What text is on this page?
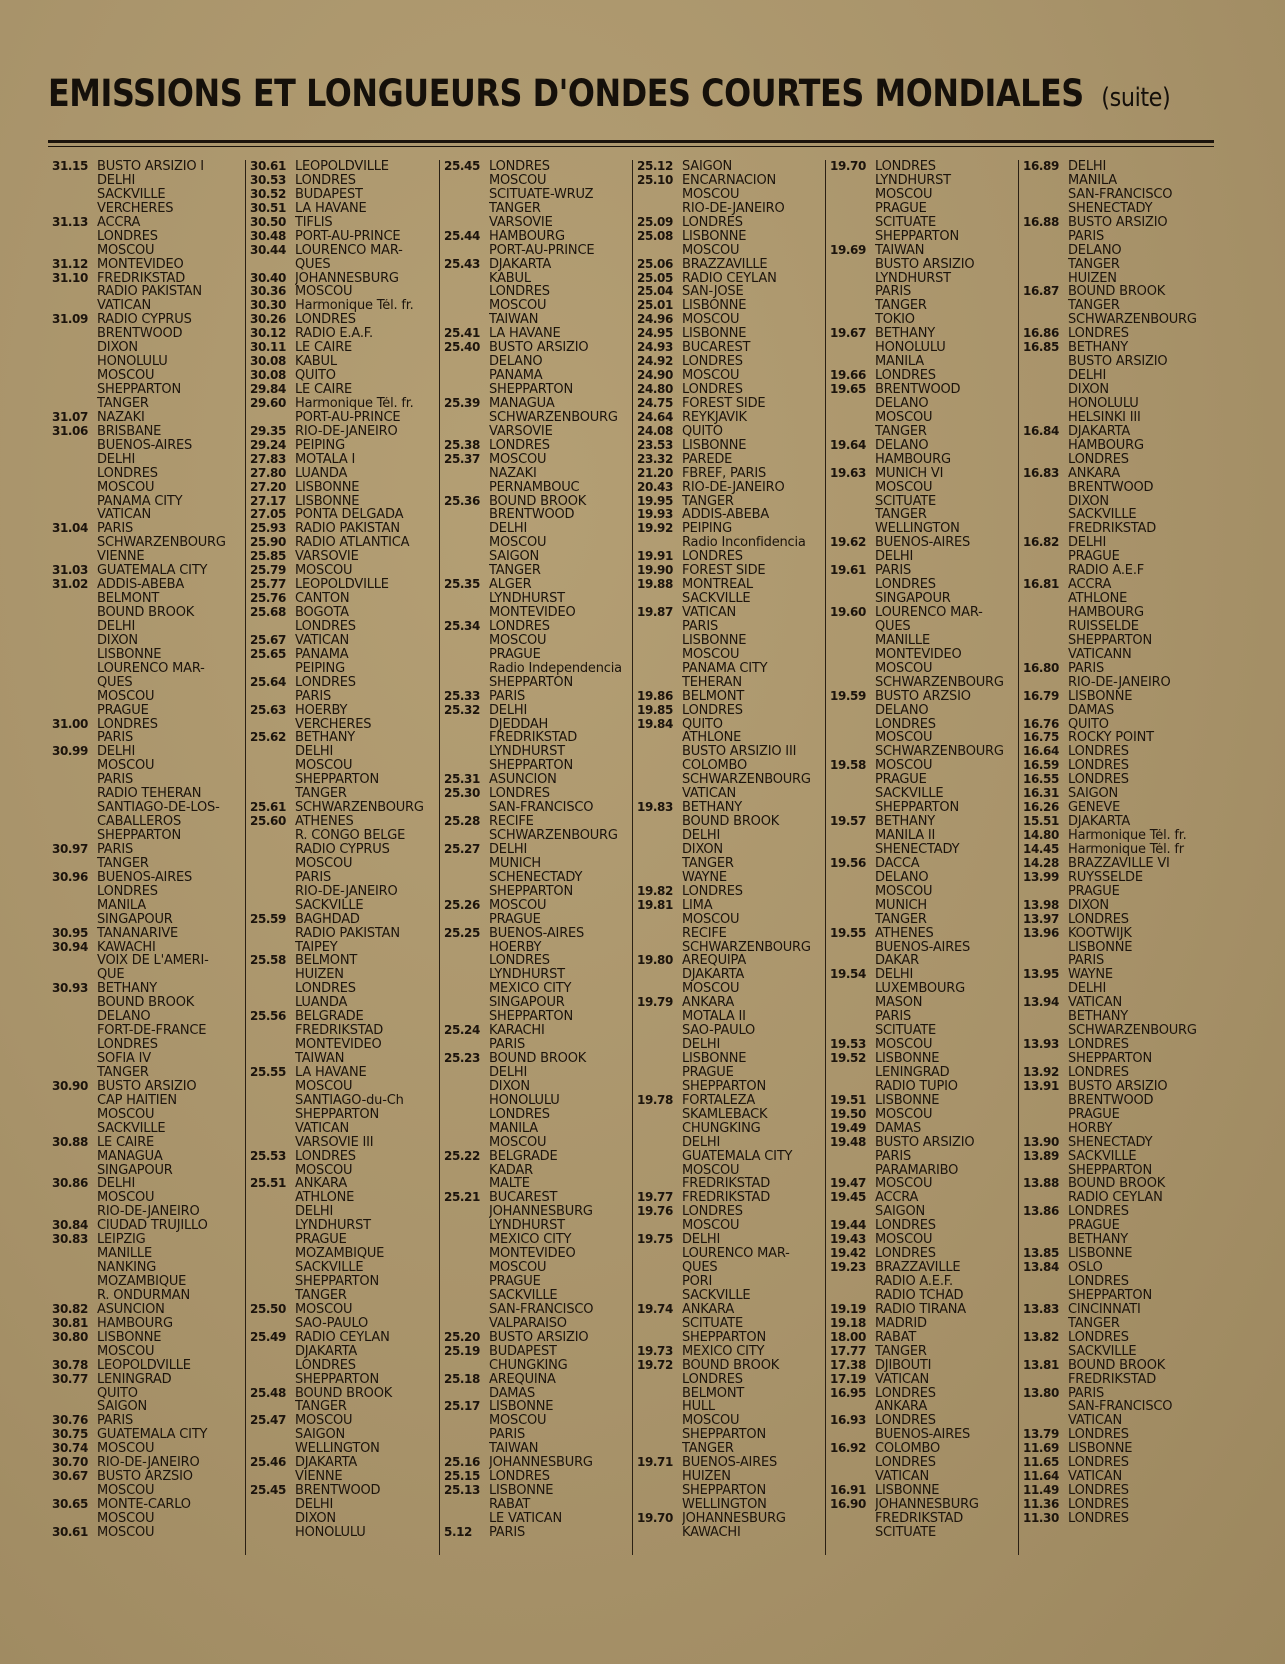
EMISSIONS ET LONGUEURS D'ONDES COURTES MONDIALES (suite)
31.15 BUSTO ARSIZIO I
DELHI
SACKVILLE
VERCHERES
31.13 ACCRA
LONDRES
MOSCOU
31.12 MONTEVIDEO
31.10 FREDRIKSTAD
RADIO PAKISTAN
VATICAN
31.09 RADIO CYPRUS
BRENTWOOD
DIXON
HONOLULU
MOSCOU
SHEPPARTON
TANGER
31.07 NAZAKI
31.06 BRISBANE
BUENOS-AIRES
DELHI
LONDRES
MOSCOU
PANAMA CITY
VATICAN
31.04 PARIS
SCHWARZENBOURG
VIENNE
31.03 GUATEMALA CITY
31.02 ADDIS-ABEBA
BELMONT
BOUND BROOK
DELHI
DIXON
LISBONNE
LOURENCO MAR-
QUES
MOSCOU
PRAGUE
31.00 LONDRES
PARIS
30.99 DELHI
MOSCOU
PARIS
RADIO TEHERAN
SANTIAGO-DE-LOS-
CABALLEROS
SHEPPARTON
30.97 PARIS
TANGER
30.96 BUENOS-AIRES
LONDRES
MANILA
SINGAPOUR
30.95 TANANARIVE
30.94 KAWACHI
VOIX DE L'AMERI-
QUE
30.93 BETHANY
BOUND BROOK
DELANO
FORT-DE-FRANCE
LONDRES
SOFIA IV
TANGER
30.90 BUSTO ARSIZIO
CAP HAITIEN
MOSCOU
SACKVILLE
30.88 LE CAIRE
MANAGUA
SINGAPOUR
30.86 DELHI
MOSCOU
RIO-DE-JANEIRO
30.84 CIUDAD TRUJILLO
30.83 LEIPZIG
MANILLE
NANKING
MOZAMBIQUE
R. ONDURMAN
30.82 ASUNCION
30.81 HAMBOURG
30.80 LISBONNE
MOSCOU
30.78 LEOPOLDVILLE
30.77 LENINGRAD
QUITO
SAIGON
30.76 PARIS
30.75 GUATEMALA CITY
30.74 MOSCOU
30.70 RIO-DE-JANEIRO
30.67 BUSTO ARZSIO
MOSCOU
30.65 MONTE-CARLO
MOSCOU
30.61 MOSCOU
30.61 LEOPOLDVILLE
30.53 LONDRES
30.52 BUDAPEST
30.51 LA HAVANE
30.50 TIFLIS
30.48 PORT-AU-PRINCE
30.44 LOURENCO MAR-
QUES
30.40 JOHANNESBURG
30.36 MOSCOU
30.30 Harmonique Tél. fr.
30.26 LONDRES
30.12 RADIO E.A.F.
30.11 LE CAIRE
30.08 KABUL
30.08 QUITO
29.84 LE CAIRE
29.60 Harmonique Tél. fr.
PORT-AU-PRINCE
29.35 RIO-DE-JANEIRO
29.24 PEIPING
27.83 MOTALA I
27.80 LUANDA
27.20 LISBONNE
27.17 LISBONNE
27.05 PONTA DELGADA
25.93 RADIO PAKISTAN
25.90 RADIO ATLANTICA
25.85 VARSOVIE
25.79 MOSCOU
25.77 LEOPOLDVILLE
25.76 CANTON
25.68 BOGOTA
LONDRES
25.67 VATICAN
25.65 PANAMA
PEIPING
25.64 LONDRES
PARIS
25.63 HOERBY
VERCHERES
25.62 BETHANY
DELHI
MOSCOU
SHEPPARTON
TANGER
25.61 SCHWARZENBOURG
25.60 ATHENES
R. CONGO BELGE
RADIO CYPRUS
MOSCOU
PARIS
RIO-DE-JANEIRO
SACKVILLE
25.59 BAGHDAD
RADIO PAKISTAN
TAIPEY
25.58 BELMONT
HUIZEN
LONDRES
LUANDA
25.56 BELGRADE
FREDRIKSTAD
MONTEVIDEO
TAIWAN
25.55 LA HAVANE
MOSCOU
SANTIAGO-du-Ch
SHEPPARTON
VATICAN
VARSOVIE III
25.53 LONDRES
MOSCOU
25.51 ANKARA
ATHLONE
DELHI
LYNDHURST
PRAGUE
MOZAMBIQUE
SACKVILLE
SHEPPARTON
TANGER
25.50 MOSCOU
SAO-PAULO
25.49 RADIO CEYLAN
DJAKARTA
LONDRES
SHEPPARTON
25.48 BOUND BROOK
TANGER
25.47 MOSCOU
SAIGON
WELLINGTON
25.46 DJAKARTA
VIENNE
25.45 BRENTWOOD
DELHI
DIXON
HONOLULU
25.45 LONDRES
MOSCOU
SCITUATE-WRUZ
TANGER
VARSOVIE
25.44 HAMBOURG
PORT-AU-PRINCE
25.43 DJAKARTA
KABUL
LONDRES
MOSCOU
TAIWAN
25.41 LA HAVANE
25.40 BUSTO ARSIZIO
DELANO
PANAMA
SHEPPARTON
25.39 MANAGUA
SCHWARZENBOURG
VARSOVIE
25.38 LONDRES
25.37 MOSCOU
NAZAKI
PERNAMBOUC
25.36 BOUND BROOK
BRENTWOOD
DELHI
MOSCOU
SAIGON
TANGER
25.35 ALGER
LYNDHURST
MONTEVIDEO
25.34 LONDRES
MOSCOU
PRAGUE
Radio Independencia
SHEPPARTON
25.33 PARIS
25.32 DELHI
DJEDDAH
FREDRIKSTAD
LYNDHURST
SHEPPARTON
25.31 ASUNCION
25.30 LONDRES
SAN-FRANCISCO
25.28 RECIFE
SCHWARZENBOURG
25.27 DELHI
MUNICH
SCHENECTADY
SHEPPARTON
25.26 MOSCOU
PRAGUE
25.25 BUENOS-AIRES
HOERBY
LONDRES
LYNDHURST
MEXICO CITY
SINGAPOUR
SHEPPARTON
25.24 KARACHI
PARIS
25.23 BOUND BROOK
DELHI
DIXON
HONOLULU
LONDRES
MANILA
MOSCOU
25.22 BELGRADE
KADAR
MALTE
25.21 BUCAREST
JOHANNESBURG
LYNDHURST
MEXICO CITY
MONTEVIDEO
MOSCOU
PRAGUE
SACKVILLE
SAN-FRANCISCO
VALPARAISO
25.20 BUSTO ARSIZIO
25.19 BUDAPEST
CHUNGKING
25.18 AREQUINA
DAMAS
25.17 LISBONNE
MOSCOU
PARIS
TAIWAN
25.16 JOHANNESBURG
25.15 LONDRES
25.13 LISBONNE
RABAT
LE VATICAN
5.12	PARIS
25.12 SAIGON
25.10 ENCARNACION
MOSCOU
RIO-DE-JANEIRO
25.09 LONDRES
25.08 LISBONNE
MOSCOU
25.06 BRAZZAVILLE
25.05 RADIO CEYLAN
25.04 SAN-JOSE
25.01 LISBONNE
24.96 MOSCOU
24.95 LISBONNE
24.93 BUCAREST
24.92 LONDRES
24.90 MOSCOU
24.80 LONDRES
24.75 FOREST SIDE
24.64 REYKJAVIK
24.08 QUITO
23.53 LISBONNE
23.32 PAREDE
21.20 FBREF, PARIS
20.43 RIO-DE-JANEIRO
19.95 TANGER
19.93 ADDIS-ABEBA
19.92 PEIPING
Radio Inconfidencia
19.91 LONDRES
19.90 FOREST SIDE
19.88 MONTREAL
SACKVILLE
19.87 VATICAN
PARIS
LISBONNE
MOSCOU
PANAMA CITY
TEHERAN
19.86 BELMONT
19.85 LONDRES
19.84 QUITO
ATHLONE
BUSTO ARSIZIO III
COLOMBO
SCHWARZENBOURG
VATICAN
19.83 BETHANY
BOUND BROOK
DELHI
DIXON
TANGER
WAYNE
19.82 LONDRES
19.81 LIMA
MOSCOU
RECIFE
SCHWARZENBOURG
19.80 AREQUIPA
DJAKARTA
MOSCOU
19.79 ANKARA
MOTALA II
SAO-PAULO
DELHI
LISBONNE
PRAGUE
SHEPPARTON
19.78 FORTALEZA
SKAMLEBACK
CHUNGKING
DELHI
GUATEMALA CITY
MOSCOU
FREDRIKSTAD
19.77 FREDRIKSTAD
19.76 LONDRES
MOSCOU
19.75 DELHI
LOURENCO MAR-
QUES
PORI
SACKVILLE
19.74 ANKARA
SCITUATE
SHEPPARTON
19.73 MEXICO CITY
19.72 BOUND BROOK
LONDRES
BELMONT
HULL
MOSCOU
SHEPPARTON
TANGER
19.71 BUENOS-AIRES
HUIZEN
SHEPPARTON
WELLINGTON
19.70 JOHANNESBURG
KAWACHI
19.70 LONDRES
LYNDHURST
MOSCOU
PRAGUE
SCITUATE
SHEPPARTON
19.69 TAIWAN
BUSTO ARSIZIO
LYNDHURST
PARIS
TANGER
TOKIO
19.67 BETHANY
HONOLULU
MANILA
19.66 LONDRES
19.65 BRENTWOOD
DELANO
MOSCOU
TANGER
19.64 DELANO
HAMBOURG
19.63 MUNICH VI
MOSCOU
SCITUATE
TANGER
WELLINGTON
19.62 BUENOS-AIRES
DELHI
19.61 PARIS
LONDRES
SINGAPOUR
19.60 LOURENCO MAR-
QUES
MANILLE
MONTEVIDEO
MOSCOU
SCHWARZENBOURG
19.59 BUSTO ARZSIO
DELANO
LONDRES
MOSCOU
SCHWARZENBOURG
19.58 MOSCOU
PRAGUE
SACKVILLE
SHEPPARTON
19.57 BETHANY
MANILA II
SHENECTADY
19.56 DACCA
DELANO
MOSCOU
MUNICH
TANGER
19.55 ATHENES
BUENOS-AIRES
DAKAR
19.54 DELHI
LUXEMBOURG
MASON
PARIS
SCITUATE
19.53 MOSCOU
19.52 LISBONNE
LENINGRAD
RADIO TUPIO
19.51 LISBONNE
19.50 MOSCOU
19.49 DAMAS
19.48 BUSTO ARSIZIO
PARIS
PARAMARIBO
19.47 MOSCOU
19.45 ACCRA
SAIGON
19.44 LONDRES
19.43 MOSCOU
19.42 LONDRES
19.23 BRAZZAVILLE
RADIO A.E.F.
RADIO TCHAD
19.19 RADIO TIRANA
19.18 MADRID
18.00 RABAT
17.77 TANGER
17.38 DJIBOUTI
17.19 VATICAN
16.95 LONDRES
ANKARA
16.93 LONDRES
BUENOS-AIRES
16.92 COLOMBO
LONDRES
VATICAN
16.91 LISBONNE
16.90 JOHANNESBURG
FREDRIKSTAD
SCITUATE
16.89 DELHI
MANILA
SAN-FRANCISCO
SHENECTADY
16.88 BUSTO ARSIZIO
PARIS
DELANO
TANGER
HUIZEN
16.87 BOUND BROOK
TANGER
SCHWARZENBOURG
16.86 LONDRES
16.85 BETHANY
BUSTO ARSIZIO
DELHI
DIXON
HONOLULU
HELSINKI III
16.84 DJAKARTA
HAMBOURG
LONDRES
16.83 ANKARA
BRENTWOOD
DIXON
SACKVILLE
FREDRIKSTAD
16.82 DELHI
PRAGUE
RADIO A.E.F
16.81 ACCRA
ATHLONE
HAMBOURG
RUISSELDE
SHEPPARTON
VATICANN
16.80 PARIS
RIO-DE-JANEIRO
16.79 LISBONNE
DAMAS
16.76 QUITO
16.75 ROCKY POINT
16.64 LONDRES
16.59 LONDRES
16.55 LONDRES
16.31 SAIGON
16.26 GENEVE
15.51 DJAKARTA
14.80 Harmonique Tél. fr.
14.45 Harmonique Tél. fr
14.28 BRAZZAVILLE VI
13.99 RUYSSELDE
PRAGUE
13.98 DIXON
13.97 LONDRES
13.96 KOOTWIJK
LISBONNE
PARIS
13.95 WAYNE
DELHI
13.94 VATICAN
BETHANY
SCHWARZENBOURG
13.93 LONDRES
SHEPPARTON
13.92 LONDRES
13.91 BUSTO ARSIZIO
BRENTWOOD
PRAGUE
HORBY
13.90 SHENECTADY
13.89 SACKVILLE
SHEPPARTON
13.88 BOUND BROOK
RADIO CEYLAN
13.86 LONDRES
PRAGUE
BETHANY
13.85 LISBONNE
13.84 OSLO
LONDRES
SHEPPARTON
13.83 CINCINNATI
TANGER
13.82 LONDRES
SACKVILLE
13.81 BOUND BROOK
FREDRIKSTAD
13.80 PARIS
SAN-FRANCISCO
VATICAN
13.79 LONDRES
11.69 LISBONNE
11.65 LONDRES
11.64 VATICAN
11.49 LONDRES
11.36 LONDRES
11.30 LONDRES
